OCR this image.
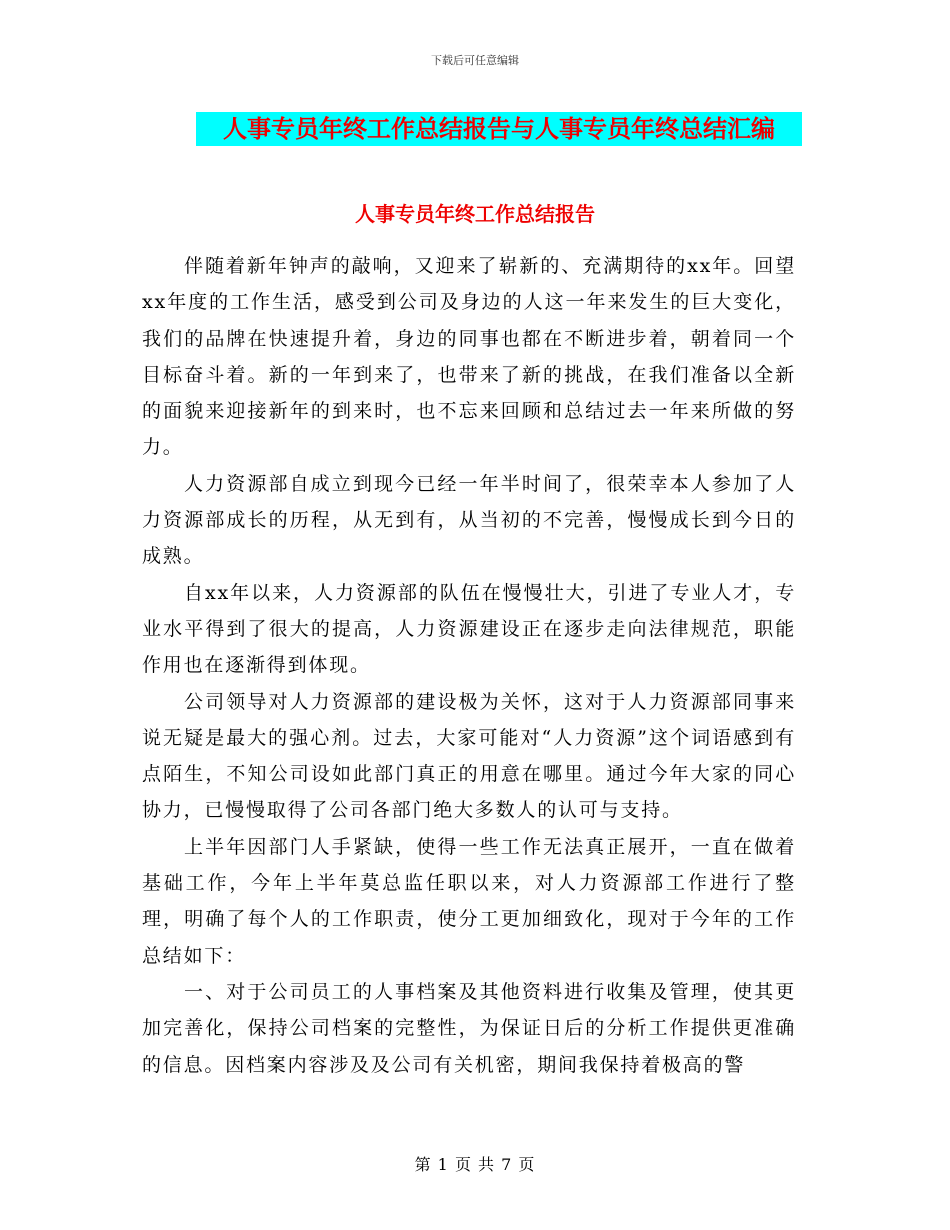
下载后可任意编辑
人事专员年终工作总结报告与人事专员年终总结汇编
人事专员年终工作总结报告

伴随着新年钟声的敲响，又迎来了崭新的、充满期待的xx年。回望xx年度的工作生活，感受到公司及身边的人这一年来发生的巨大变化，我们的品牌在快速提升着，身边的同事也都在不断进步着，朝着同一个目标奋斗着。新的一年到来了，也带来了新的挑战，在我们准备以全新的面貌来迎接新年的到来时，也不忘来回顾和总结过去一年来所做的努力。

人力资源部自成立到现今已经一年半时间了，很荣幸本人参加了人力资源部成长的历程，从无到有，从当初的不完善，慢慢成长到今日的成熟。

自xx年以来，人力资源部的队伍在慢慢壮大，引进了专业人才，专业水平得到了很大的提高，人力资源建设正在逐步走向法律规范，职能作用也在逐渐得到体现。

公司领导对人力资源部的建设极为关怀，这对于人力资源部同事来说无疑是最大的强心剂。过去，大家可能对“人力资源”这个词语感到有点陌生，不知公司设如此部门真正的用意在哪里。通过今年大家的同心协力，已慢慢取得了公司各部门绝大多数人的认可与支持。

上半年因部门人手紧缺，使得一些工作无法真正展开，一直在做着基础工作，今年上半年莫总监任职以来，对人力资源部工作进行了整理，明确了每个人的工作职责，使分工更加细致化，现对于今年的工作总结如下：

一、对于公司员工的人事档案及其他资料进行收集及管理，使其更加完善化，保持公司档案的完整性，为保证日后的分析工作提供更准确的信息。因档案内容涉及及公司有关机密，期间我保持着极高的警

第 1 页 共 7 页
